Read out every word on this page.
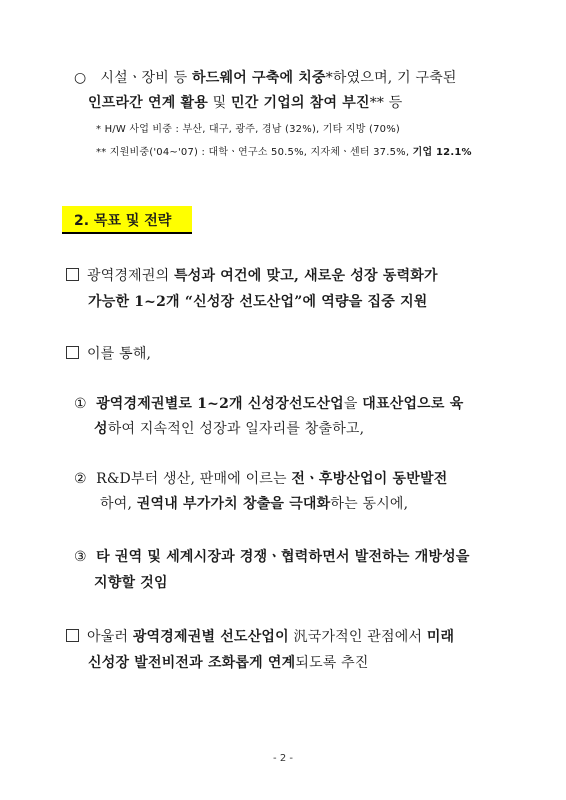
○ 시설ㆍ장비 등 하드웨어 구축에 치중*하였으며, 기 구축된
인프라간 연계 활용 및 민간 기업의 참여 부진** 등
* H/W 사업 비중 : 부산, 대구, 광주, 경남 (32%), 기타 지방 (70%)
** 지원비중('04~'07) : 대학ㆍ연구소 50.5%, 지자체ㆍ센터 37.5%, 기업 12.1%
2. 목표 및 전략
광역경제권의 특성과 여건에 맞고, 새로운 성장 동력화가
가능한 1~2개 “신성장 선도산업”에 역량을 집중 지원
이를 통해,
① 광역경제권별로 1~2개 신성장선도산업을 대표산업으로 육
성하여 지속적인 성장과 일자리를 창출하고,
② R&D부터 생산, 판매에 이르는 전ㆍ후방산업이 동반발전
하여, 권역내 부가가치 창출을 극대화하는 동시에,
③ 타 권역 및 세계시장과 경쟁ㆍ협력하면서 발전하는 개방성을
지향할 것임
아울러 광역경제권별 선도산업이 汎국가적인 관점에서 미래
신성장 발전비전과 조화롭게 연계되도록 추진
- 2 -
